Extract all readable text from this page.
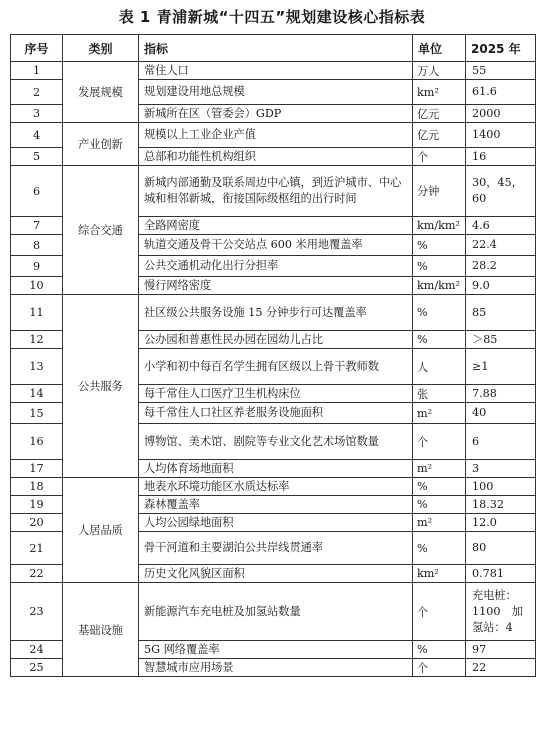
表 1 青浦新城“十四五”规划建设核心指标表
序号	类别	指标	单位	2025 年
1	发展规模	常住人口	万人	55
2		规划建设用地总规模	km²	61.6
3		新城所在区（管委会）GDP	亿元	2000
4	产业创新	规模以上工业企业产值	亿元	1400
5		总部和功能性机构组织	个	16
6	综合交通	新城内部通勤及联系周边中心镇，到近沪城市、中心城和相邻新城，衔接国际级枢纽的出行时间	分钟	30，45，60
7		全路网密度	km/km²	4.6
8		轨道交通及骨干公交站点 600 米用地覆盖率	%	22.4
9		公共交通机动化出行分担率	%	28.2
10		慢行网络密度	km/km²	9.0
11	公共服务	社区级公共服务设施 15 分钟步行可达覆盖率	%	85
12		公办园和普惠性民办园在园幼儿占比	%	＞85
13		小学和初中每百名学生拥有区级以上骨干教师数	人	≥1
14		每千常住人口医疗卫生机构床位	张	7.88
15		每千常住人口社区养老服务设施面积	m²	40
16		博物馆、美术馆、剧院等专业文化艺术场馆数量	个	6
17		人均体育场地面积	m²	3
18	人居品质	地表水环境功能区水质达标率	%	100
19		森林覆盖率	%	18.32
20		人均公园绿地面积	m²	12.0
21		骨干河道和主要湖泊公共岸线贯通率	%	80
22		历史文化风貌区面积	km²	0.781
23	基础设施	新能源汽车充电桩及加氢站数量	个	充电桩：1100　加氢站：4
24		5G 网络覆盖率	%	97
25		智慧城市应用场景	个	22
